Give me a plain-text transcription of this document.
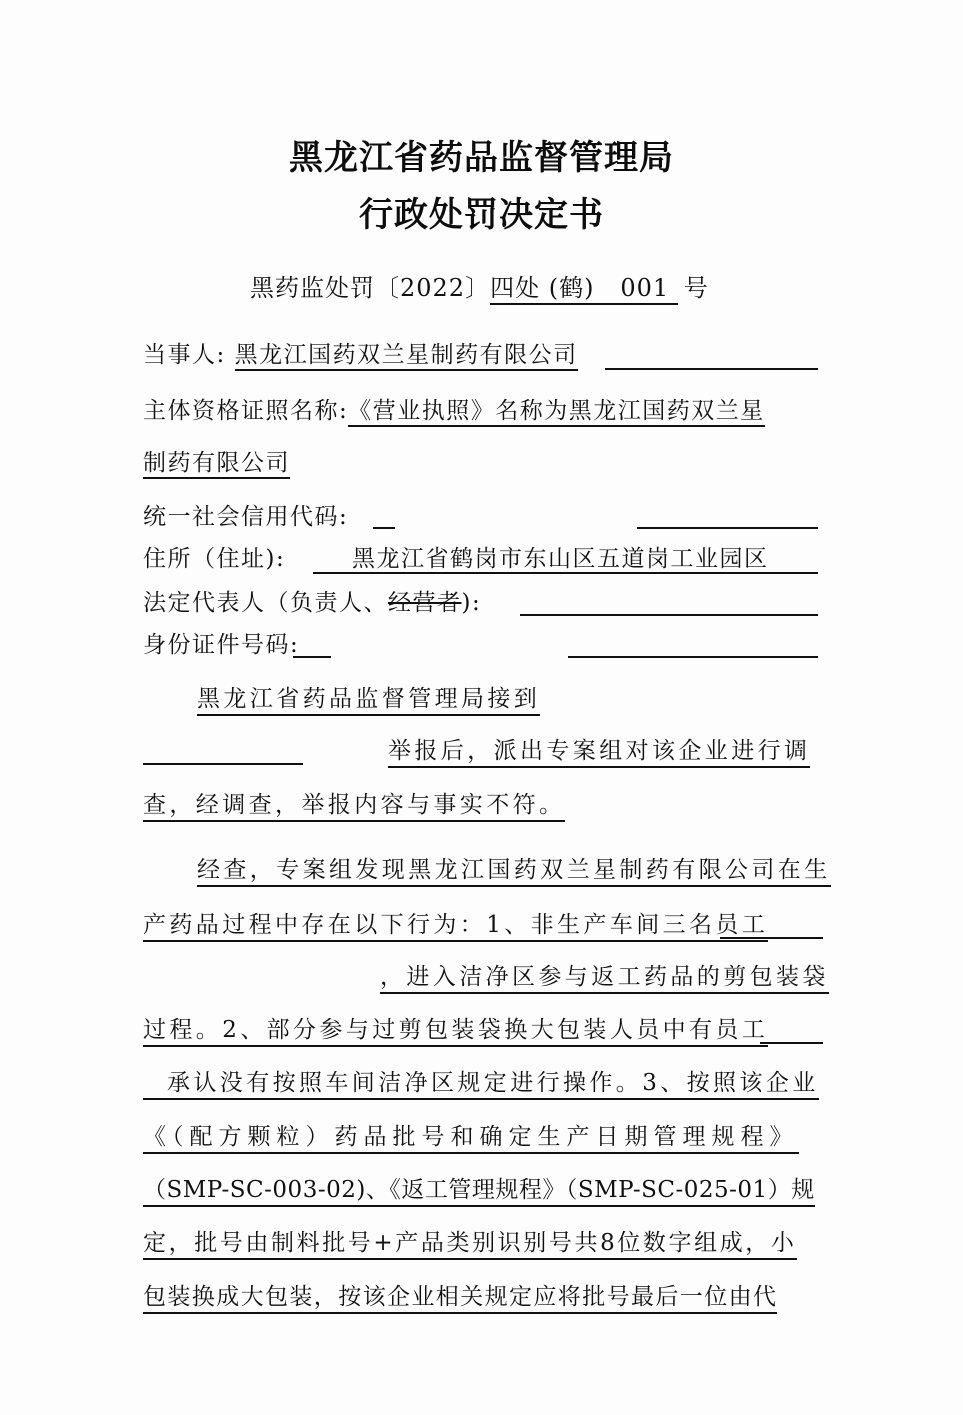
黑龙江省药品监督管理局
行政处罚决定书
黑药监处罚〔2022〕四处 (鹤)   001 号
当事人: 黑龙江国药双兰星制药有限公司
主体资格证照名称:《营业执照》名称为黑龙江国药双兰星
制药有限公司
统一社会信用代码:
住所（住址):	黑龙江省鹤岗市东山区五道岗工业园区
法定代表人（负责人、经营者):
身份证件号码:
黑龙江省药品监督管理局接到
举报后，派出专案组对该企业进行调
查，经调查，举报内容与事实不符。
经查，专案组发现黑龙江国药双兰星制药有限公司在生
产药品过程中存在以下行为：1、非生产车间三名员工
，进入洁净区参与返工药品的剪包装袋
过程。2、部分参与过剪包装袋换大包装人员中有员工
承认没有按照车间洁净区规定进行操作。3、按照该企业
《（配方颗粒）药品批号和确定生产日期管理规程》
（SMP-SC-003-02)、《返工管理规程》（SMP-SC-025-01）规
定，批号由制料批号+产品类别识别号共8位数字组成，小
包装换成大包装，按该企业相关规定应将批号最后一位由代
